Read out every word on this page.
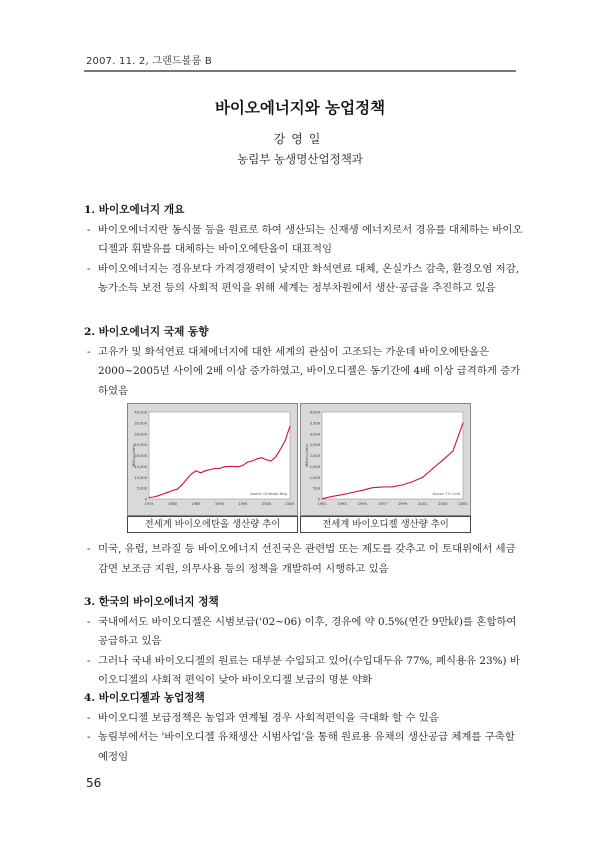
2007. 11. 2, 그랜드볼룸 B
바이오에너지와 농업정책
강영일
농림부 농생명산업정책과
1. 바이오에너지 개요

- 바이오에너지란 동식물 등을 원료로 하여 생산되는 신재생 에너지로서 경유를 대체하는 바이오디젤과 휘발유를 대체하는 바이오에탄올이 대표적임

- 바이오에너지는 경유보다 가격경쟁력이 낮지만 화석연료 대체, 온실가스 감축, 환경오염 저감, 농가소득 보전 등의 사회적 편익을 위해 세계는 정부차원에서 생산·공급을 추진하고 있음

2. 바이오에너지 국제 동향

- 고유가 및 화석연료 대체에너지에 대한 세계의 관심이 고조되는 가운데 바이오에탄올은 2000~2005년 사이에 2배 이상 증가하였고, 바이오디젤은 동기간에 4배 이상 급격하게 증가하였음

0
5,000
10,000
15,000
20,000
25,000
30,000
35,000
40,000
1975	1980	1985	1990	1995	2000	2005
Million Liters
Source: Christoph Berg
전세계 바이오에탄올 생산량 추이
0
500
1,000
1,500
2,000
2,500
3,000
3,500
4,000
1991	1993	1995	1997	1999	2001	2003	2005
Million Liters
Source: F.O. Licht
전세계 바이오디젤 생산량 추이

- 미국, 유럽, 브라질 등 바이오에너지 선진국은 관련법 또는 제도를 갖추고 이 토대위에서 세금감면 보조금 지원, 의무사용 등의 정책을 개발하여 시행하고 있음

3. 한국의 바이오에너지 정책

- 국내에서도 바이오디젤은 시범보급('02~06) 이후, 경유에 약 0.5%(연간 9만㎘)를 혼합하여 공급하고 있음

- 그러나 국내 바이오디젤의 원료는 대부분 수입되고 있어(수입대두유 77%, 폐식용유 23%) 바이오디젤의 사회적 편익이 낮아 바이오디젤 보급의 명분 약화

4. 바이오디젤과 농업정책

- 바이오디젤 보급정책은 농업과 연계될 경우 사회적편익을 극대화 할 수 있음

- 농림부에서는 '바이오디젤 유채생산 시범사업'을 통해 원료용 유채의 생산공급 체계를 구축할 예정임

56
